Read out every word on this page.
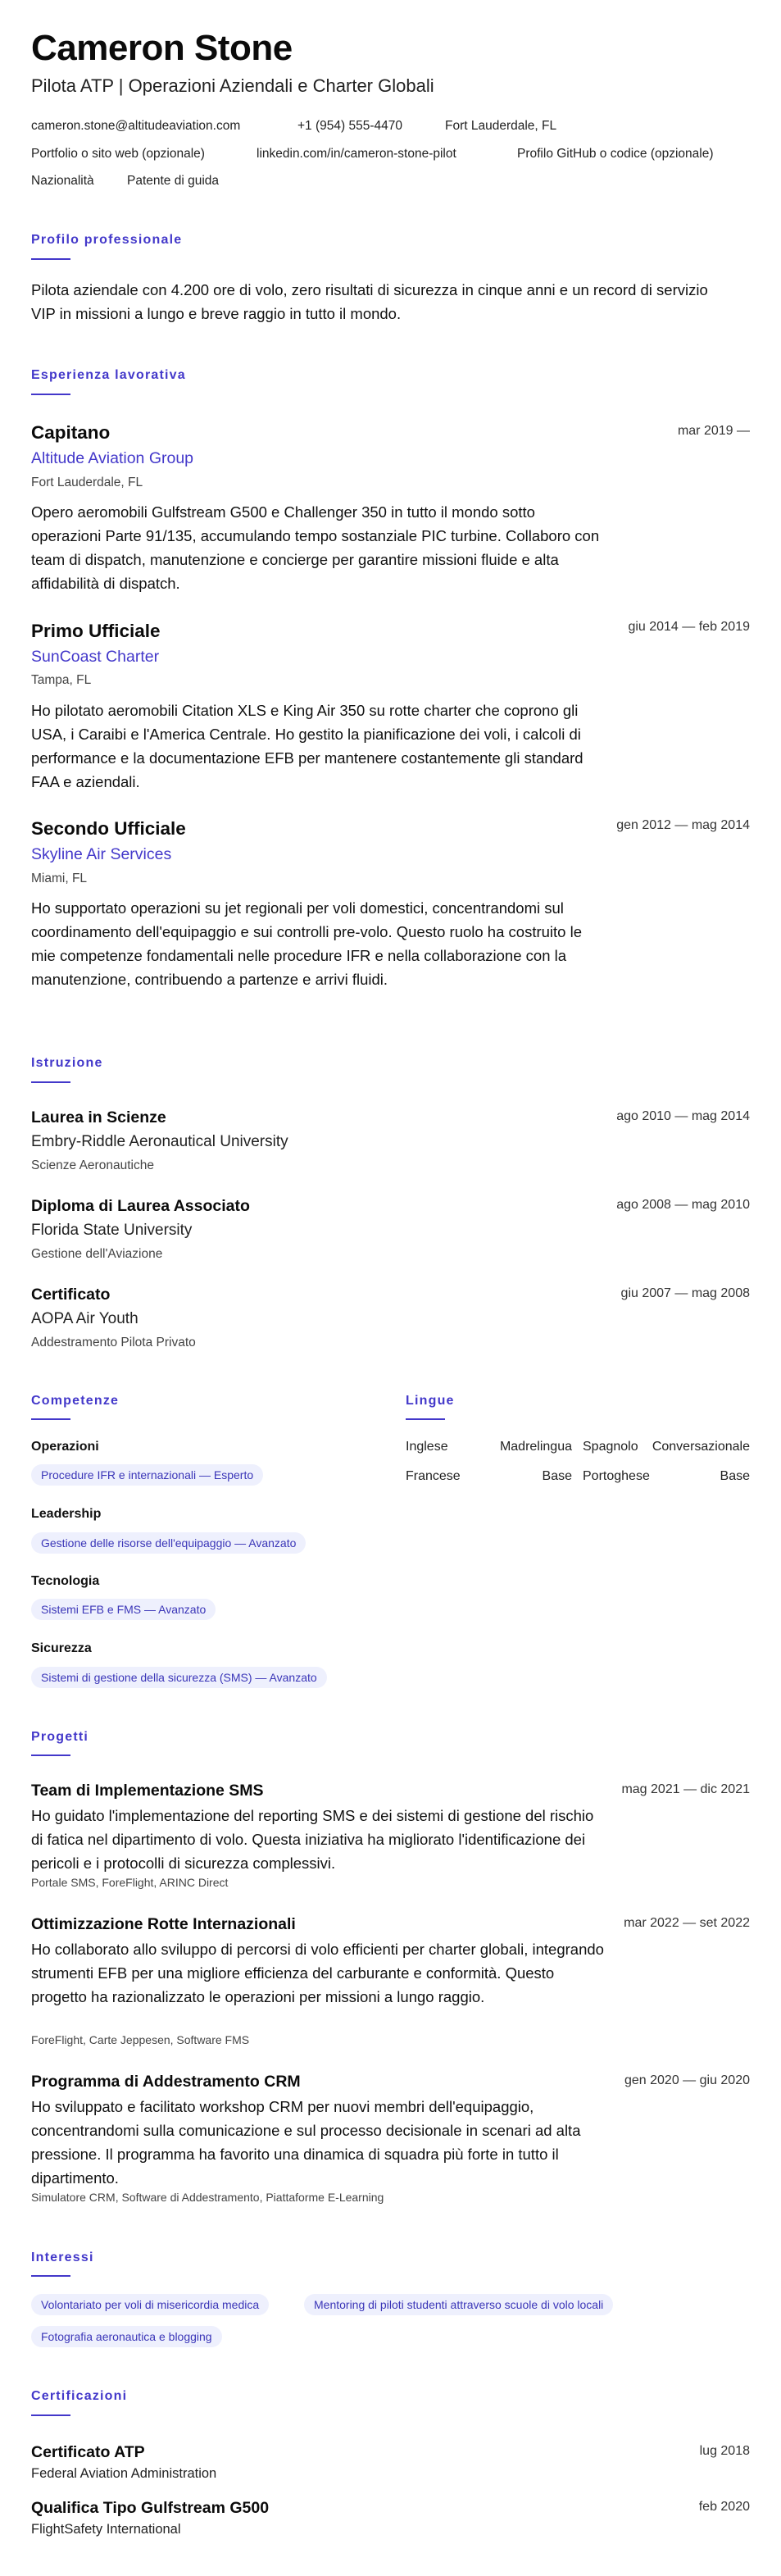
Cameron Stone
Pilota ATP | Operazioni Aziendali e Charter Globali
cameron.stone@altitudeaviation.com	+1 (954) 555-4470	Fort Lauderdale, FL
Portfolio o sito web (opzionale)	linkedin.com/in/cameron-stone-pilot	Profilo GitHub o codice (opzionale)
Nazionalità	Patente di guida
Profilo professionale
Pilota aziendale con 4.200 ore di volo, zero risultati di sicurezza in cinque anni e un record di servizio VIP in missioni a lungo e breve raggio in tutto il mondo.
Esperienza lavorativa
Capitano	mar 2019 —
Altitude Aviation Group
Fort Lauderdale, FL
Opero aeromobili Gulfstream G500 e Challenger 350 in tutto il mondo sotto operazioni Parte 91/135, accumulando tempo sostanziale PIC turbine. Collaboro con team di dispatch, manutenzione e concierge per garantire missioni fluide e alta affidabilità di dispatch.
Primo Ufficiale	giu 2014 — feb 2019
SunCoast Charter
Tampa, FL
Ho pilotato aeromobili Citation XLS e King Air 350 su rotte charter che coprono gli USA, i Caraibi e l'America Centrale. Ho gestito la pianificazione dei voli, i calcoli di performance e la documentazione EFB per mantenere costantemente gli standard FAA e aziendali.
Secondo Ufficiale	gen 2012 — mag 2014
Skyline Air Services
Miami, FL
Ho supportato operazioni su jet regionali per voli domestici, concentrandomi sul coordinamento dell'equipaggio e sui controlli pre-volo. Questo ruolo ha costruito le mie competenze fondamentali nelle procedure IFR e nella collaborazione con la manutenzione, contribuendo a partenze e arrivi fluidi.
Istruzione
Laurea in Scienze	ago 2010 — mag 2014
Embry-Riddle Aeronautical University
Scienze Aeronautiche
Diploma di Laurea Associato	ago 2008 — mag 2010
Florida State University
Gestione dell'Aviazione
Certificato	giu 2007 — mag 2008
AOPA Air Youth
Addestramento Pilota Privato
Competenze
Operazioni
Procedure IFR e internazionali — Esperto
Leadership
Gestione delle risorse dell'equipaggio — Avanzato
Tecnologia
Sistemi EFB e FMS — Avanzato
Sicurezza
Sistemi di gestione della sicurezza (SMS) — Avanzato
Lingue
Inglese	Madrelingua Spagnolo	Conversazionale
Francese	Base Portoghese	Base
Progetti
Team di Implementazione SMS	mag 2021 — dic 2021
Ho guidato l'implementazione del reporting SMS e dei sistemi di gestione del rischio di fatica nel dipartimento di volo. Questa iniziativa ha migliorato l'identificazione dei pericoli e i protocolli di sicurezza complessivi.
Portale SMS, ForeFlight, ARINC Direct
Ottimizzazione Rotte Internazionali	mar 2022 — set 2022
Ho collaborato allo sviluppo di percorsi di volo efficienti per charter globali, integrando strumenti EFB per una migliore efficienza del carburante e conformità. Questo progetto ha razionalizzato le operazioni per missioni a lungo raggio.
ForeFlight, Carte Jeppesen, Software FMS
Programma di Addestramento CRM	gen 2020 — giu 2020
Ho sviluppato e facilitato workshop CRM per nuovi membri dell'equipaggio, concentrandomi sulla comunicazione e sul processo decisionale in scenari ad alta pressione. Il programma ha favorito una dinamica di squadra più forte in tutto il dipartimento.
Simulatore CRM, Software di Addestramento, Piattaforme E-Learning
Interessi
Volontariato per voli di misericordia medica	Mentoring di piloti studenti attraverso scuole di volo locali
Fotografia aeronautica e blogging
Certificazioni
Certificato ATP	lug 2018
Federal Aviation Administration
Qualifica Tipo Gulfstream G500	feb 2020
FlightSafety International
